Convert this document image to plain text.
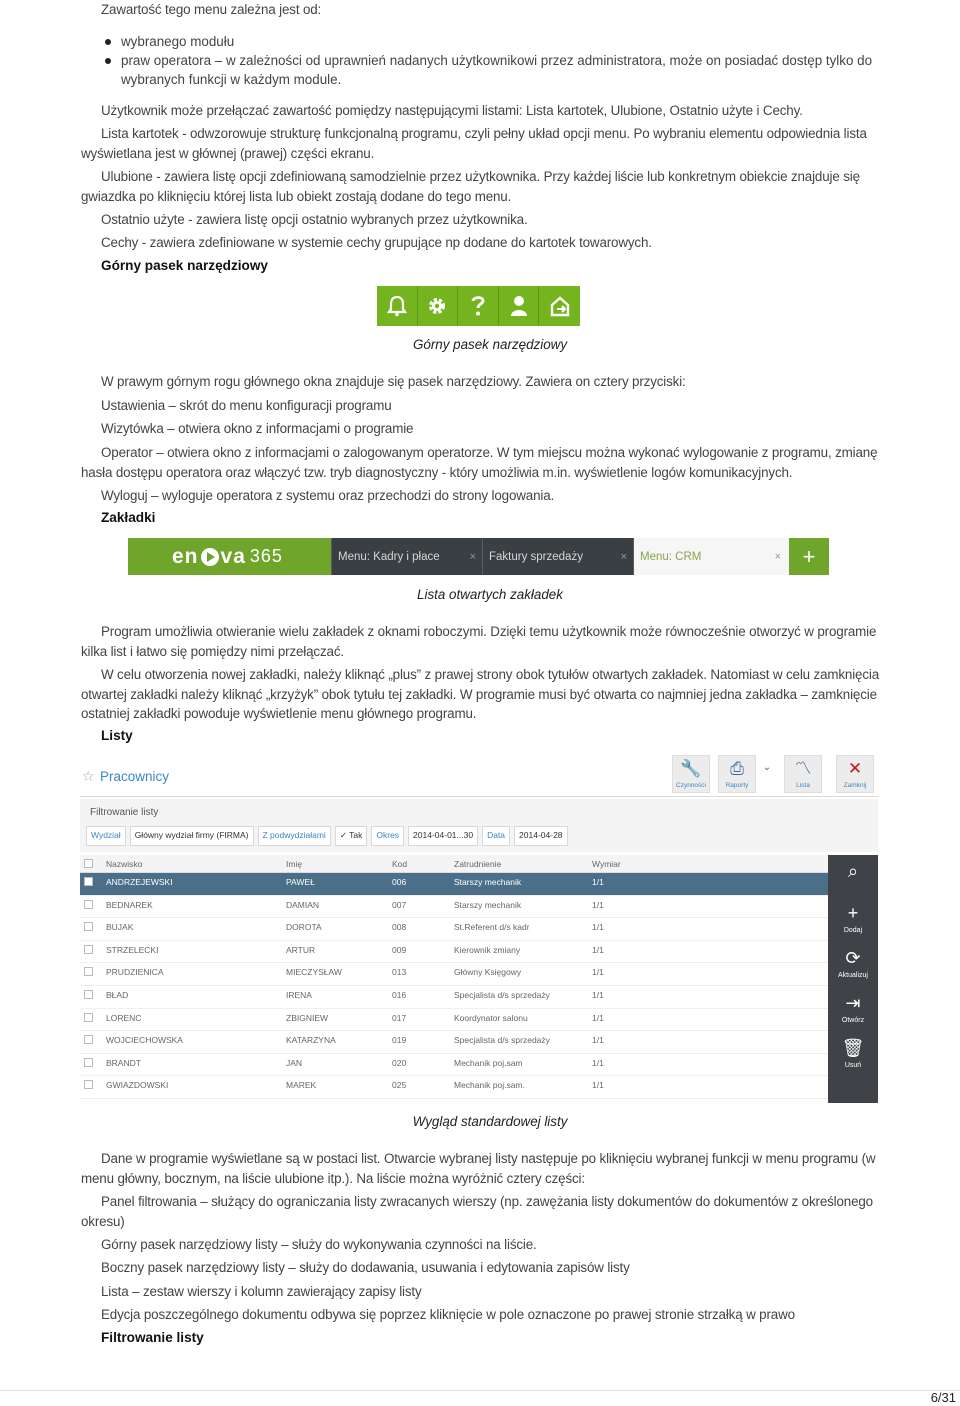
Zawartość tego menu zależna jest od:
wybranego modułu
praw operatora – w zależności od uprawnień nadanych użytkownikowi przez administratora, może on posiadać dostęp tylko do wybranych funkcji w każdym module.
Użytkownik może przełączać zawartość pomiędzy następującymi listami: Lista kartotek, Ulubione, Ostatnio użyte i Cechy.
Lista kartotek - odwzorowuje strukturę funkcjonalną programu, czyli pełny układ opcji menu. Po wybraniu elementu odpowiednia lista wyświetlana jest w głównej (prawej) części ekranu.
Ulubione - zawiera listę opcji zdefiniowaną samodzielnie przez użytkownika. Przy każdej liście lub konkretnym obiekcie znajduje się gwiazdka po kliknięciu której lista lub obiekt zostają dodane do tego menu.
Ostatnio użyte - zawiera listę opcji ostatnio wybranych przez użytkownika.
Cechy - zawiera zdefiniowane w systemie cechy grupujące np dodane do kartotek towarowych.
Górny pasek narzędziowy
Górny pasek narzędziowy
W prawym górnym rogu głównego okna znajduje się pasek narzędziowy. Zawiera on cztery przyciski:
Ustawienia – skrót do menu konfiguracji programu
Wizytówka – otwiera okno z informacjami o programie
Operator – otwiera okno z informacjami o zalogowanym operatorze. W tym miejscu można wykonać wylogowanie z programu, zmianę hasła dostępu operatora oraz włączyć tzw. tryb diagnostyczny - który umożliwia m.in. wyświetlenie logów komunikacyjnych.
Wyloguj – wyloguje operatora z systemu oraz przechodzi do strony logowania.
Zakładki
en va 365	Menu: Kadry i płace	× Faktury sprzedaży	× Menu: CRM	× +
Lista otwartych zakładek
Program umożliwia otwieranie wielu zakładek z oknami roboczymi. Dzięki temu użytkownik może równocześnie otworzyć w programie kilka list i łatwo się pomiędzy nimi przełączać.
W celu otworzenia nowej zakładki, należy kliknąć „plus” z prawej strony obok tytułów otwartych zakładek. Natomiast w celu zamknięcia otwartej zakładki należy kliknąć „krzyżyk” obok tytułu tej zakładki. W programie musi być otwarta co najmniej jedna zakładka – zamknięcie ostatniej zakładki powoduje wyświetlenie menu głównego programu.
Listy
☆ Pracownicy	🔧
Czynności
⎙
Raporty
⌄	〽
Lista
✕
Zamknij
Filtrowanie listy
Wydział	Główny wydział firmy (FIRMA)	Z podwydziałami	✓ Tak	Okres	2014-04-01...30	Data	2014-04-28
Nazwisko	Imię	Kod	Zatrudnienie	Wymiar
ANDRZEJEWSKI	PAWEŁ	006	Starszy mechanik	1/1
BEDNAREK	DAMIAN	007	Starszy mechanik	1/1
BUJAK	DOROTA	008	St.Referent d/s kadr	1/1
STRZELECKI	ARTUR	009	Kierownik zmiany	1/1
PRUDZIENICA	MIECZYSŁAW	013	Główny Księgowy	1/1
BŁAD	IRENA	016	Specjalista d/s sprzedaży	1/1
LORENC	ZBIGNIEW	017	Koordynator salonu	1/1
WOJCIECHOWSKA	KATARZYNA	019	Specjalista d/s sprzedaży	1/1
BRANDT	JAN	020	Mechanik poj.sam	1/1
GWIAZDOWSKI	MAREK	025	Mechanik poj.sam.	1/1
⌕
+
Dodaj
⟳
Aktualizuj
⇥
Otwórz
🗑
Usuń
Wygląd standardowej listy
Dane w programie wyświetlane są w postaci list. Otwarcie wybranej listy następuje po kliknięciu wybranej funkcji w menu programu (w menu główny, bocznym, na liście ulubione itp.). Na liście można wyróżnić cztery części:
Panel filtrowania – służący do ograniczania listy zwracanych wierszy (np. zawężania listy dokumentów do dokumentów z określonego okresu)
Górny pasek narzędziowy listy – służy do wykonywania czynności na liście.
Boczny pasek narzędziowy listy – służy do dodawania, usuwania i edytowania zapisów listy
Lista – zestaw wierszy i kolumn zawierający zapisy listy
Edycja poszczególnego dokumentu odbywa się poprzez kliknięcie w pole oznaczone po prawej stronie strzałką w prawo
Filtrowanie listy
6/31
